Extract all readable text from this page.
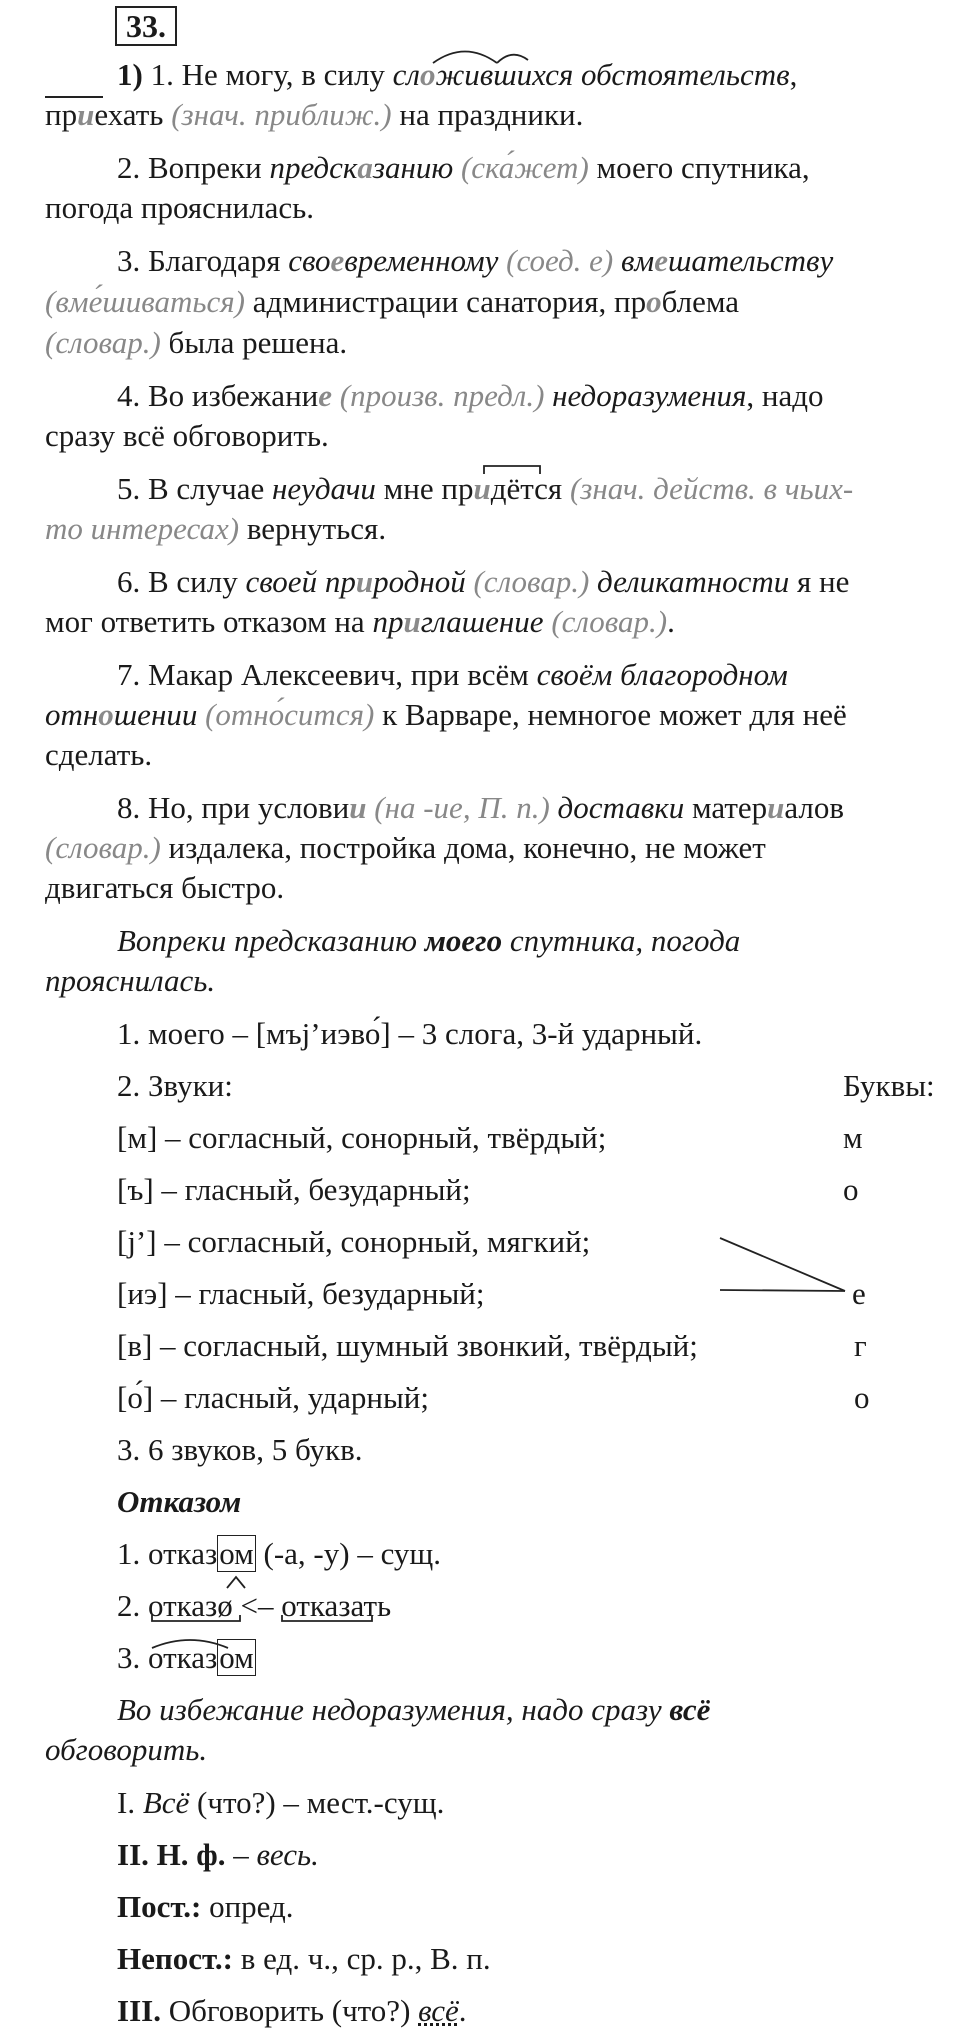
33.
1) 1. Не могу, в силу сложившихся обстоятельств,
приехать (знач. приближ.) на праздники.
2. Вопреки предсказанию (ска́жет) моего спутника,
погода прояснилась.
3. Благодаря своевременному (соед. е) вмешательству
(вме́шиваться) администрации санатория, проблема
(словар.) была решена.
4. Во избежание (произв. предл.) недоразумения, надо
сразу всё обговорить.
5. В случае неудачи мне придётся (знач. действ. в чьих-
то интересах) вернуться.
6. В силу своей природной (словар.) деликатности я не
мог ответить отказом на приглашение (словар.).
7. Макар Алексеевич, при всём своём благородном
отношении (отно́сится) к Варваре, немногое может для неё
сделать.
8. Но, при условии (на -ие, П. п.) доставки материалов
(словар.) издалека, постройка дома, конечно, не может
двигаться быстро.
Вопреки предсказанию моего спутника, погода
прояснилась.
1. моего – [мъj’иэво́] – 3 слога, 3-й ударный.
2. Звуки:	Буквы:
[м] – согласный, сонорный, твёрдый;
[ъ] – гласный, безударный;
[j’] – согласный, сонорный, мягкий;
[иэ] – гласный, безударный;
[в] – согласный, шумный звонкий, твёрдый;
[о́] – гласный, ударный;
м
о
е
г
о
3. 6 звуков, 5 букв.
Отказом
1. отказом (-а, -у) – сущ.
2. отказø <– отказать
3. отказом
Во избежание недоразумения, надо сразу всё
обговорить.
I. Всё (что?) – мест.-сущ.
II. Н. ф. – весь.
Пост.: опред.
Непост.: в ед. ч., ср. р., В. п.
III. Обговорить (что?) всё.
